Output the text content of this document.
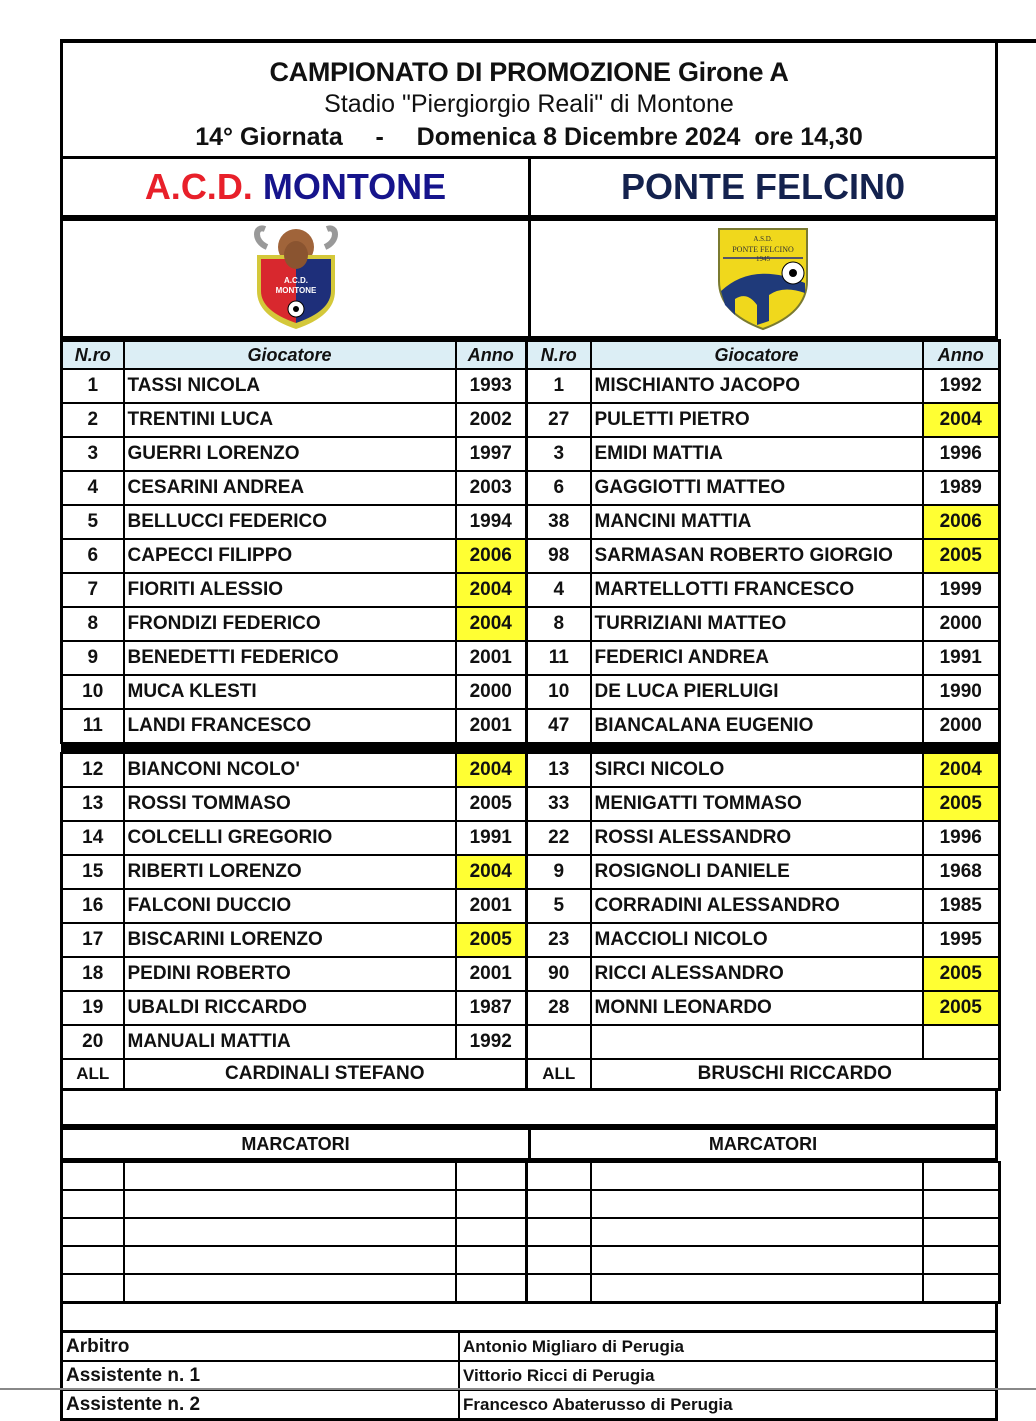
CAMPIONATO DI PROMOZIONE Girone A
Stadio "Piergiorgio Reali" di Montone
14° Giornata - Domenica 8 Dicembre 2024  ore 14,30
A.C.D. MONTONE	PONTE FELCIN0
A.C.D.
MONTONE

A.S.D.
PONTE FELCINO
1945
N.ro	Giocatore	Anno	N.ro	Giocatore	Anno
1	TASSI NICOLA	1993	1	MISCHIANTO JACOPO	1992
2	TRENTINI LUCA	2002	27	PULETTI PIETRO	2004
3	GUERRI LORENZO	1997	3	EMIDI MATTIA	1996
4	CESARINI ANDREA	2003	6	GAGGIOTTI MATTEO	1989
5	BELLUCCI FEDERICO	1994	38	MANCINI MATTIA	2006
6	CAPECCI FILIPPO	2006	98	SARMASAN ROBERTO GIORGIO	2005
7	FIORITI ALESSIO	2004	4	MARTELLOTTI FRANCESCO	1999
8	FRONDIZI FEDERICO	2004	8	TURRIZIANI MATTEO	2000
9	BENEDETTI FEDERICO	2001	11	FEDERICI ANDREA	1991
10	MUCA KLESTI	2000	10	DE LUCA PIERLUIGI	1990
11	LANDI FRANCESCO	2001	47	BIANCALANA EUGENIO	2000

12	BIANCONI NCOLO'	2004	13	SIRCI NICOLO	2004
13	ROSSI TOMMASO	2005	33	MENIGATTI TOMMASO	2005
14	COLCELLI GREGORIO	1991	22	ROSSI ALESSANDRO	1996
15	RIBERTI LORENZO	2004	9	ROSIGNOLI DANIELE	1968
16	FALCONI DUCCIO	2001	5	CORRADINI ALESSANDRO	1985
17	BISCARINI LORENZO	2005	23	MACCIOLI NICOLO	1995
18	PEDINI ROBERTO	2001	90	RICCI ALESSANDRO	2005
19	UBALDI RICCARDO	1987	28	MONNI LEONARDO	2005
20	MANUALI MATTIA	1992			
ALL	CARDINALI STEFANO		ALL	BRUSCHI RICCARDO	
MARCATORI	MARCATORI

Arbitro	Antonio Migliaro di Perugia
Assistente n. 1	Vittorio Ricci di Perugia
Assistente n. 2	Francesco Abaterusso di Perugia
